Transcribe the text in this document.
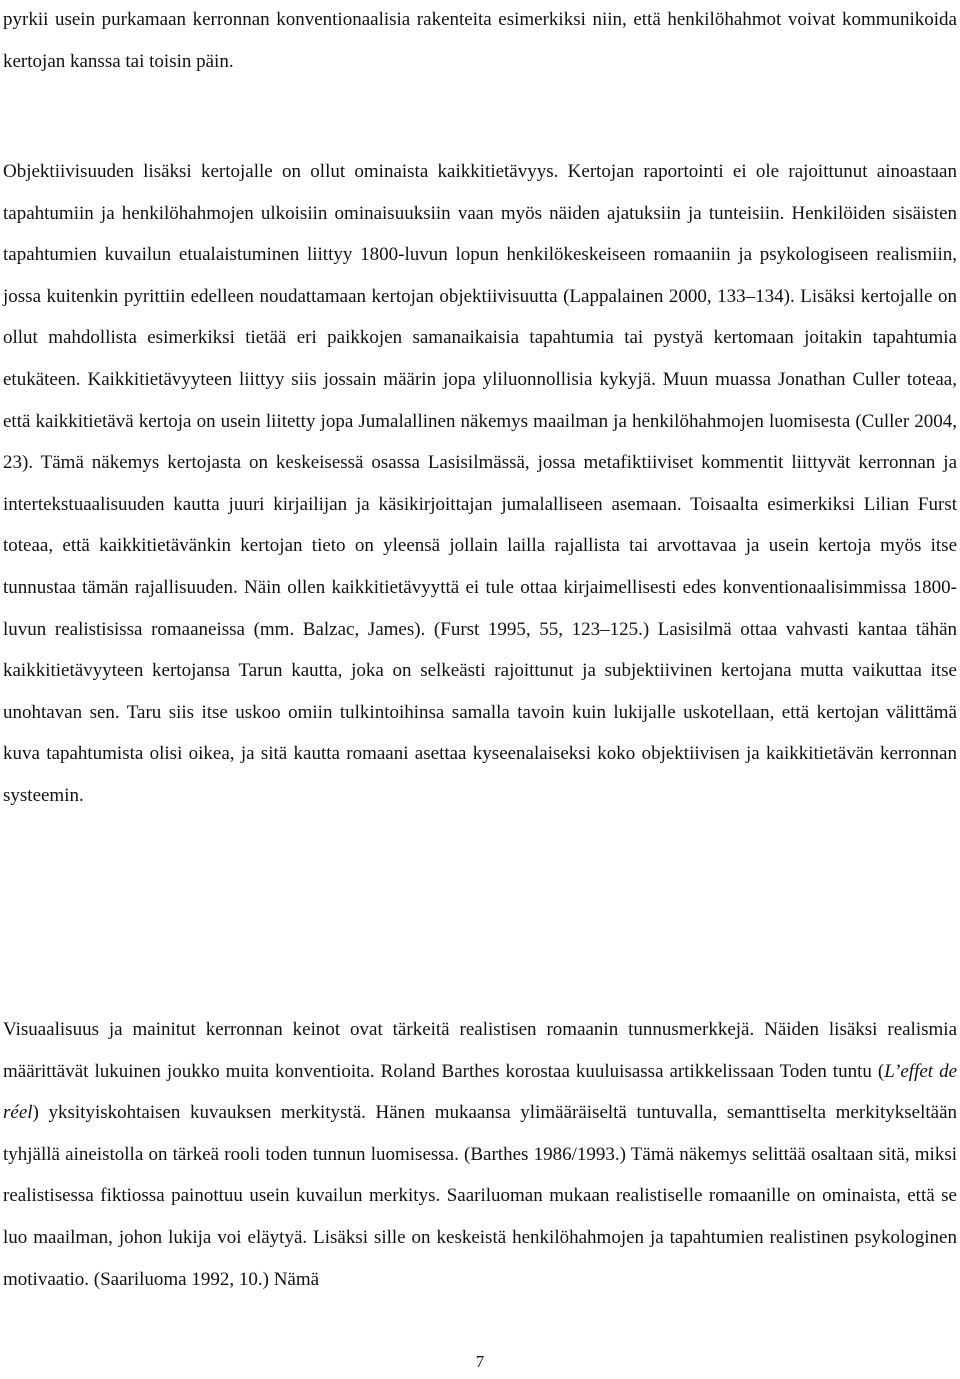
pyrkii usein purkamaan kerronnan konventionaalisia rakenteita esimerkiksi niin, että henkilöhahmot voivat kommunikoida kertojan kanssa tai toisin päin.

Objektiivisuuden lisäksi kertojalle on ollut ominaista kaikkitietävyys. Kertojan raportointi ei ole rajoittunut ainoastaan tapahtumiin ja henkilöhahmojen ulkoisiin ominaisuuksiin vaan myös näiden ajatuksiin ja tunteisiin. Henkilöiden sisäisten tapahtumien kuvailun etualaistuminen liittyy 1800-luvun lopun henkilökeskeiseen romaaniin ja psykologiseen realismiin, jossa kuitenkin pyrittiin edelleen noudattamaan kertojan objektiivisuutta (Lappalainen 2000, 133–134). Lisäksi kertojalle on ollut mahdollista esimerkiksi tietää eri paikkojen samanaikaisia tapahtumia tai pystyä kertomaan joitakin tapahtumia etukäteen. Kaikkitietävyyteen liittyy siis jossain määrin jopa yliluonnollisia kykyjä. Muun muassa Jonathan Culler toteaa, että kaikkitietävä kertoja on usein liitetty jopa Jumalallinen näkemys maailman ja henkilöhahmojen luomisesta (Culler 2004, 23). Tämä näkemys kertojasta on keskeisessä osassa Lasisilmässä, jossa metafiktiiviset kommentit liittyvät kerronnan ja intertekstuaalisuuden kautta juuri kirjailijan ja käsikirjoittajan jumalalliseen asemaan. Toisaalta esimerkiksi Lilian Furst toteaa, että kaikkitietävänkin kertojan tieto on yleensä jollain lailla rajallista tai arvottavaa ja usein kertoja myös itse tunnustaa tämän rajallisuuden. Näin ollen kaikkitietävyyttä ei tule ottaa kirjaimellisesti edes konventionaalisimmissa 1800-luvun realistisissa romaaneissa (mm. Balzac, James). (Furst 1995, 55, 123–125.) Lasisilmä ottaa vahvasti kantaa tähän kaikkitietävyyteen kertojansa Tarun kautta, joka on selkeästi rajoittunut ja subjektiivinen kertojana mutta vaikuttaa itse unohtavan sen. Taru siis itse uskoo omiin tulkintoihinsa samalla tavoin kuin lukijalle uskotellaan, että kertojan välittämä kuva tapahtumista olisi oikea, ja sitä kautta romaani asettaa kyseenalaiseksi koko objektiivisen ja kaikkitietävän kerronnan systeemin.

Visuaalisuus ja mainitut kerronnan keinot ovat tärkeitä realistisen romaanin tunnusmerkkejä. Näiden lisäksi realismia määrittävät lukuinen joukko muita konventioita. Roland Barthes korostaa kuuluisassa artikkelissaan Toden tuntu (L’effet de réel) yksityiskohtaisen kuvauksen merkitystä. Hänen mukaansa ylimääräiseltä tuntuvalla, semanttiselta merkitykseltään tyhjällä aineistolla on tärkeä rooli toden tunnun luomisessa. (Barthes 1986/1993.) Tämä näkemys selittää osaltaan sitä, miksi realistisessa fiktiossa painottuu usein kuvailun merkitys. Saariluoman mukaan realistiselle romaanille on ominaista, että se luo maailman, johon lukija voi eläytyä. Lisäksi sille on keskeistä henkilöhahmojen ja tapahtumien realistinen psykologinen motivaatio. (Saariluoma 1992, 10.) Nämä

7
